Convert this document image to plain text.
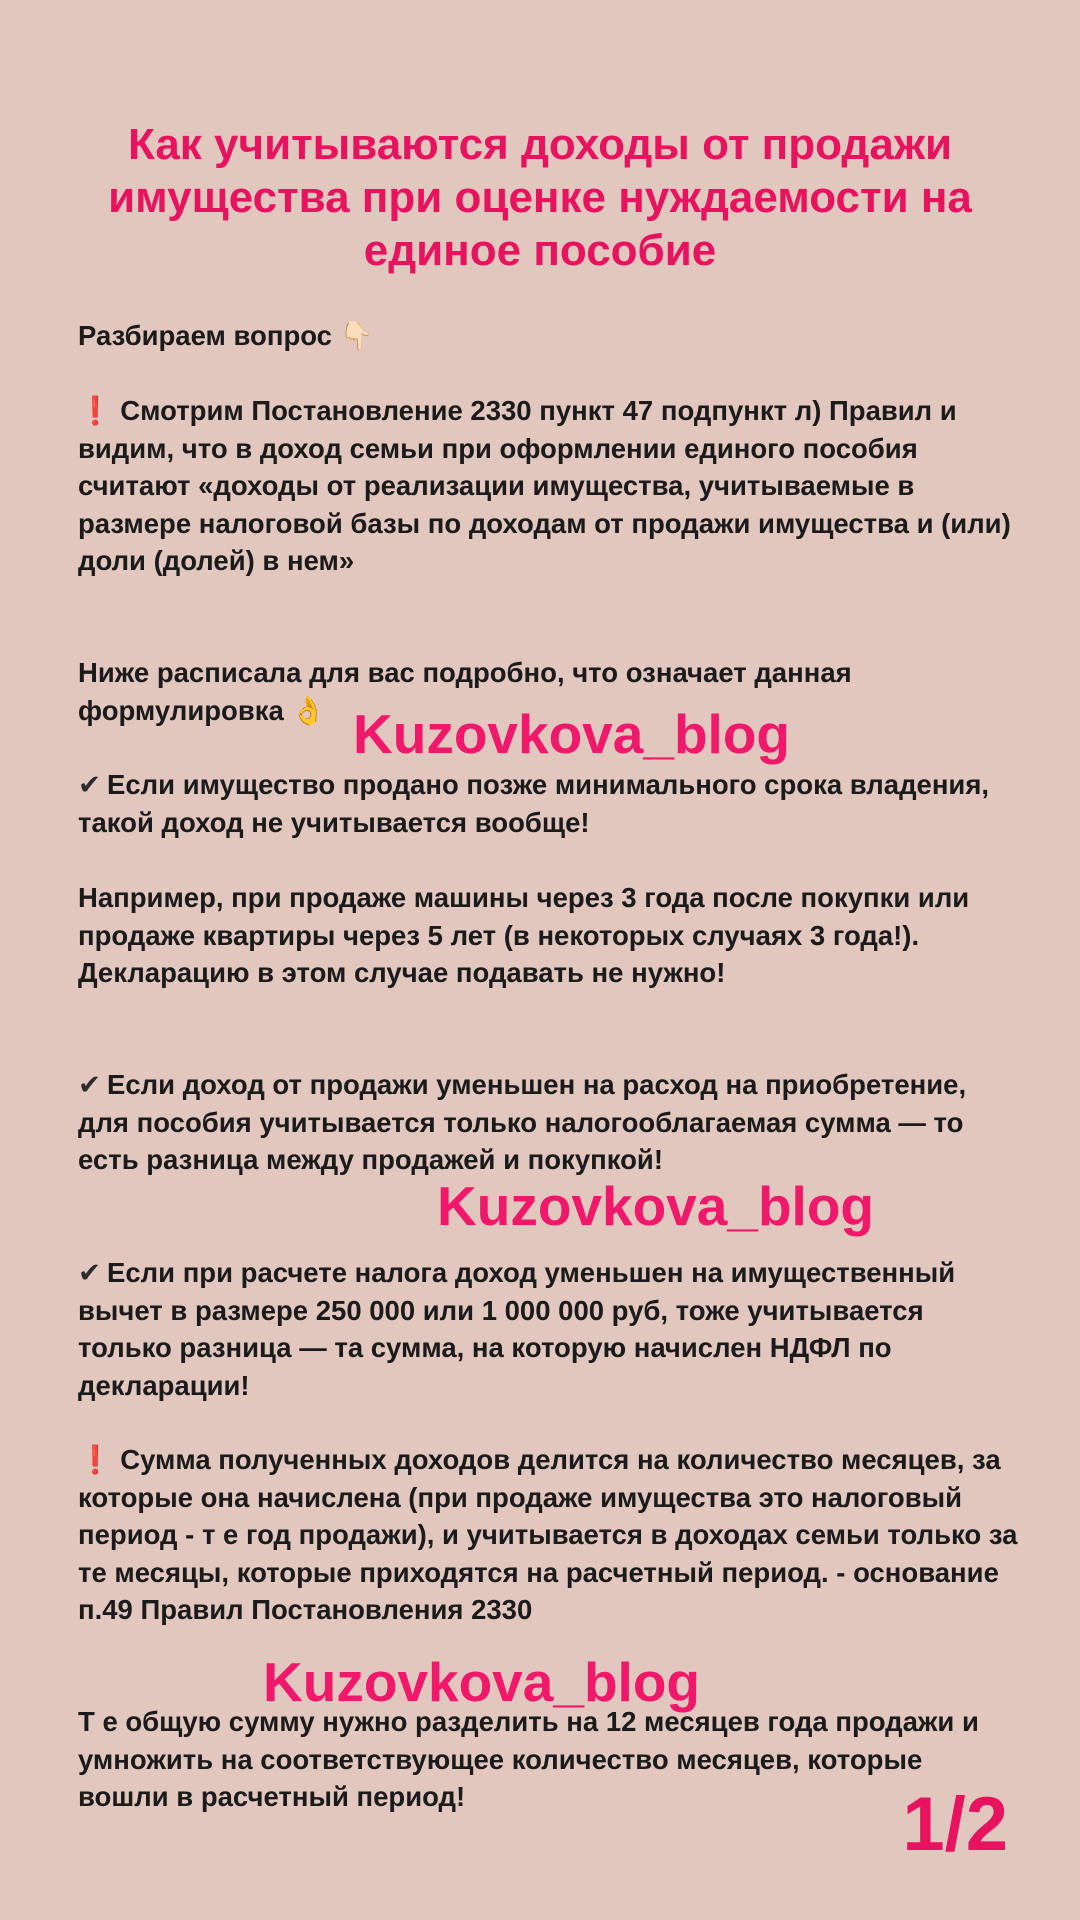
Как учитываются доходы от продажи имущества при оценке нуждаемости на единое пособие

Разбираем вопрос 👇🏻

❗ Смотрим Постановление 2330 пункт 47 подпункт л) Правил и видим, что в доход семьи при оформлении единого пособия считают «доходы от реализации имущества, учитываемые в размере налоговой базы по доходам от продажи имущества и (или) доли (долей) в нем»

Ниже расписала для вас подробно, что означает данная формулировка 👌

✔ Если имущество продано позже минимального срока владения, такой доход не учитывается вообще!

Например, при продаже машины через 3 года после покупки или продаже квартиры через 5 лет (в некоторых случаях 3 года!). Декларацию в этом случае подавать не нужно!

✔ Если доход от продажи уменьшен на расход на приобретение, для пособия учитывается только налогооблагаемая сумма — то есть разница между продажей и покупкой!

✔ Если при расчете налога доход уменьшен на имущественный вычет в размере 250 000 или 1 000 000 руб, тоже учитывается только разница — та сумма, на которую начислен НДФЛ по декларации!

❗ Сумма полученных доходов делится на количество месяцев, за которые она начислена (при продаже имущества это налоговый период - т е год продажи), и учитывается в доходах семьи только за те месяцы, которые приходятся на расчетный период. - основание п.49 Правил Постановления 2330

Т е общую сумму нужно разделить на 12 месяцев года продажи и умножить на соответствующее количество месяцев, которые вошли в расчетный период!

Kuzovkova_blog
Kuzovkova_blog
Kuzovkova_blog
1/2
